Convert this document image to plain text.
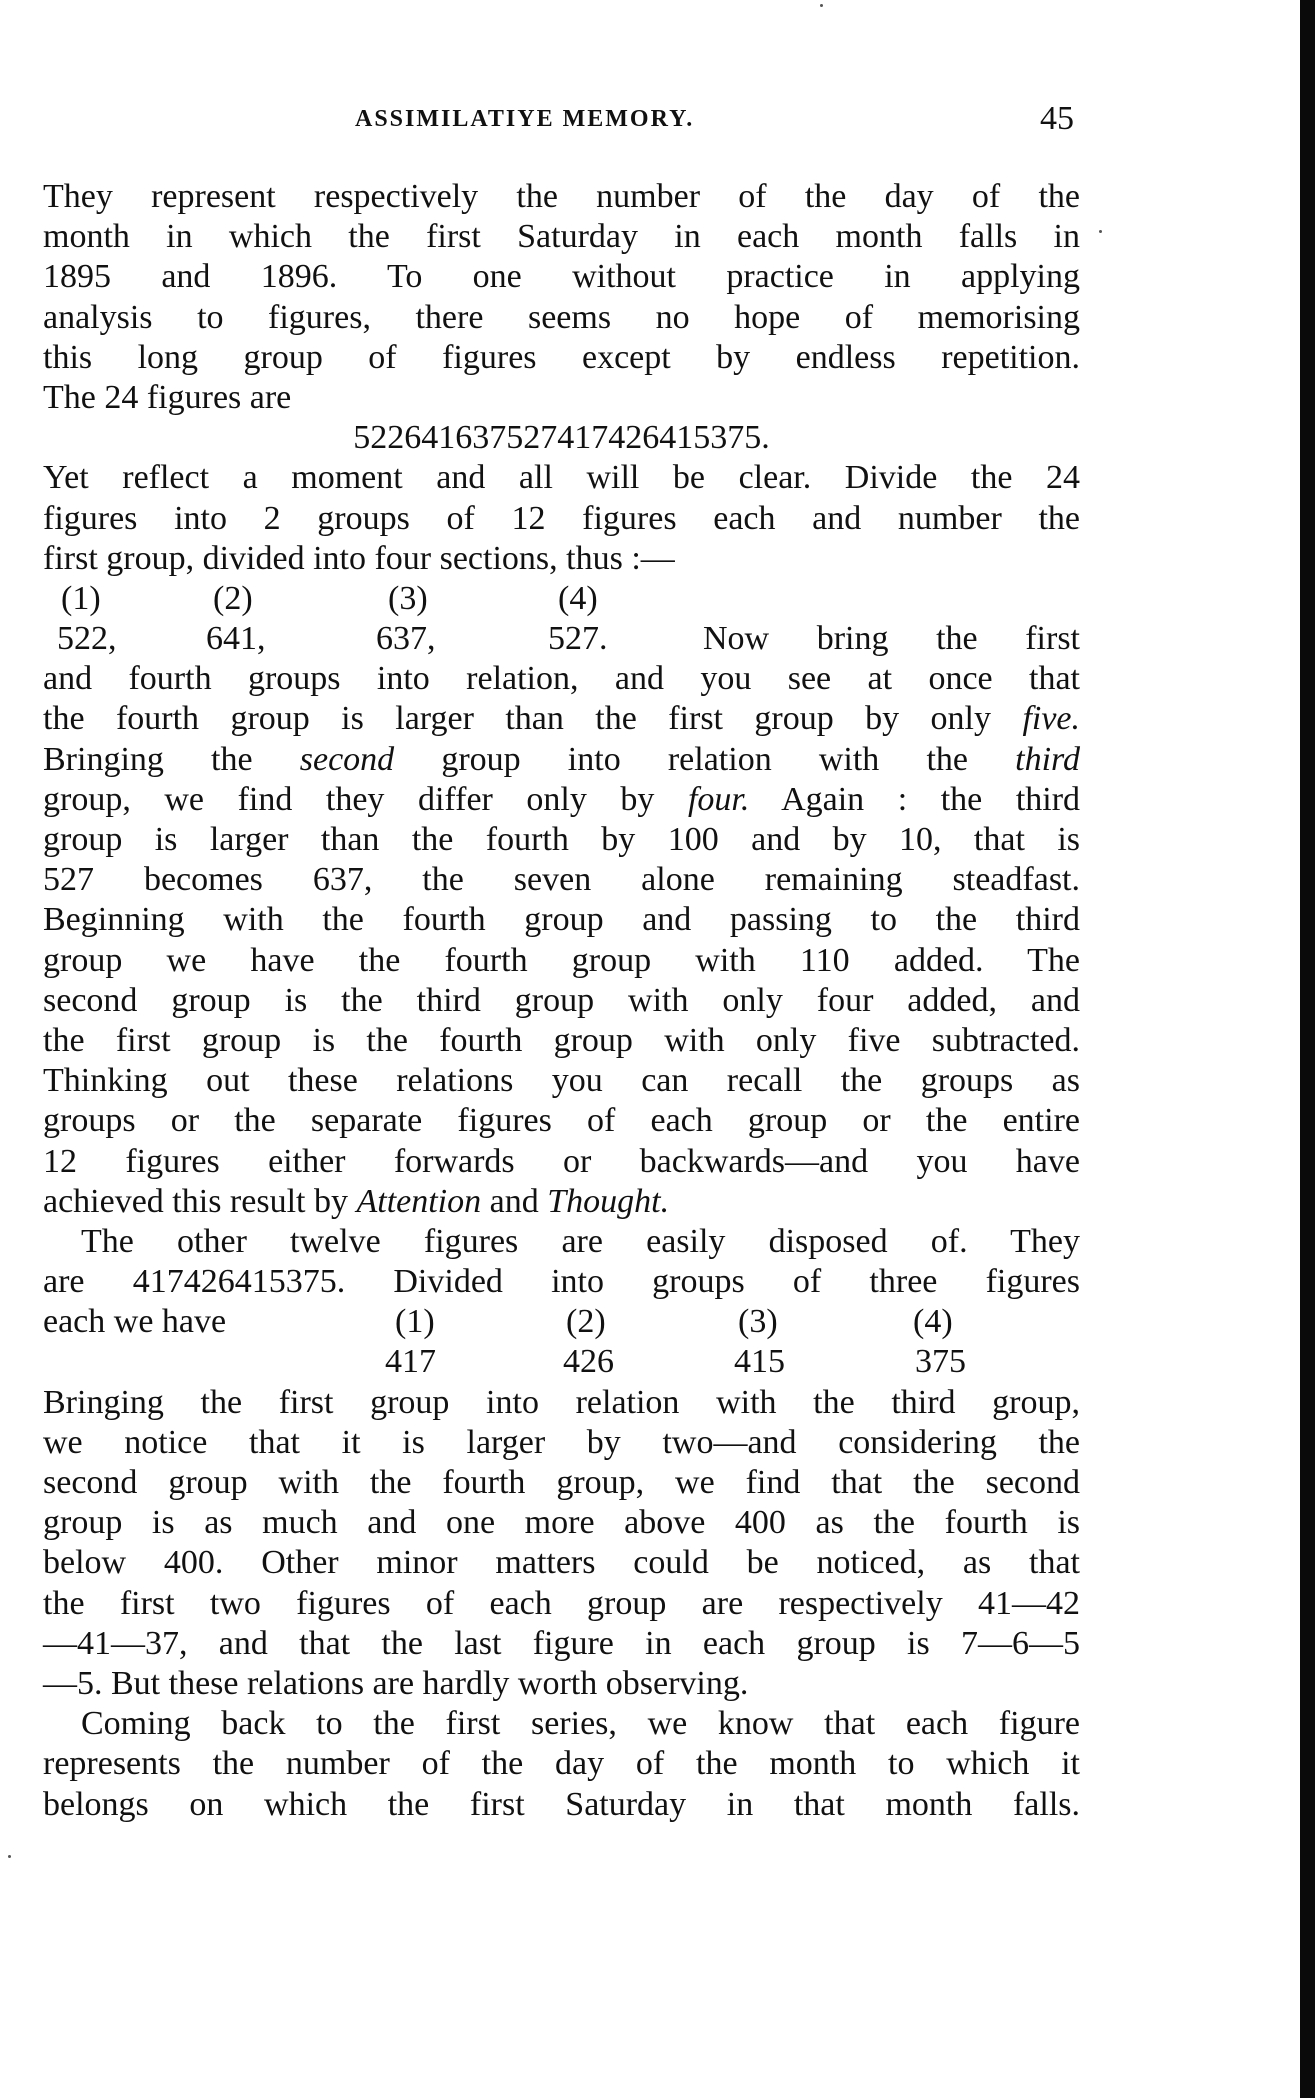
ASSIMILATIYE MEMORY.	45
They represent respectively the number of the day of the
month in which the first Saturday in each month falls in
1895 and 1896. To one without practice in applying
analysis to figures, there seems no hope of memorising
this long group of figures except by endless repetition.
The 24 figures are
522641637527417426415375.
Yet reflect a moment and all will be clear. Divide the 24
figures into 2 groups of 12 figures each and number the
first group, divided into four sections, thus :—
(1)	(2)	(3)	(4)
522,	641,	637,	527.	Now bring the first
and fourth groups into relation, and you see at once that
the fourth group is larger than the first group by only five.
Bringing the second group into relation with the third
group, we find they differ only by four. Again : the third
group is larger than the fourth by 100 and by 10, that is
527 becomes 637, the seven alone remaining steadfast.
Beginning with the fourth group and passing to the third
group we have the fourth group with 110 added. The
second group is the third group with only four added, and
the first group is the fourth group with only five subtracted.
Thinking out these relations you can recall the groups as
groups or the separate figures of each group or the entire
12 figures either forwards or backwards—and you have
achieved this result by Attention and Thought.
The other twelve figures are easily disposed of. They
are 417426415375. Divided into groups of three figures
each we have	(1)	(2)	(3)	(4)
417	426	415	375
Bringing the first group into relation with the third group,
we notice that it is larger by two—and considering the
second group with the fourth group, we find that the second
group is as much and one more above 400 as the fourth is
below 400. Other minor matters could be noticed, as that
the first two figures of each group are respectively 41—42
—41—37, and that the last figure in each group is 7—6—5
—5. But these relations are hardly worth observing.
Coming back to the first series, we know that each figure
represents the number of the day of the month to which it
belongs on which the first Saturday in that month falls.
